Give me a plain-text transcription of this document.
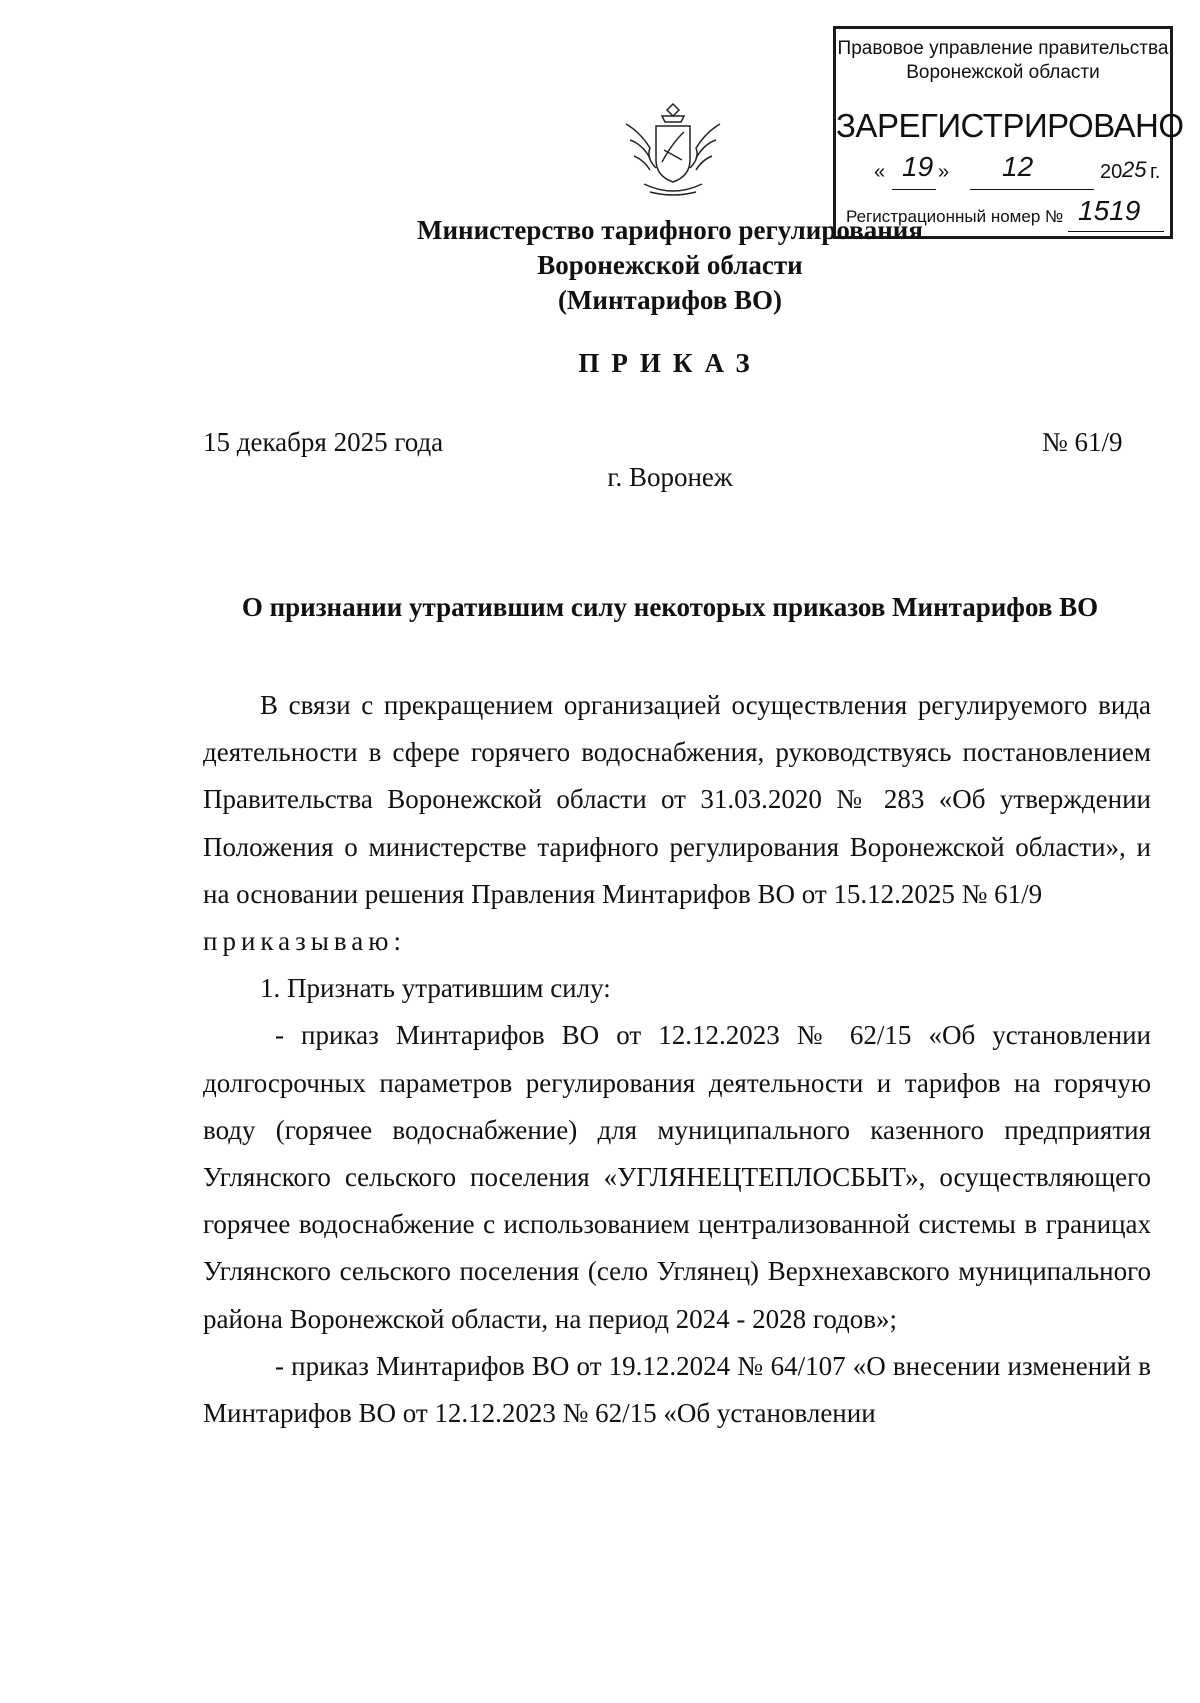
Правовое управление правительства
Воронежской области
ЗАРЕГИСТРИРОВАНО
« 19 » 12	20 25 г.
Регистрационный номер № 1519
Министерство тарифного регулирования
Воронежской области
(Минтарифов ВО)
ПРИКАЗ
15 декабря 2025 года	№ 61/9
г. Воронеж
О признании утратившим силу некоторых приказов Минтарифов ВО

В связи с прекращением организацией осуществления регулируемого вида деятельности в сфере горячего водоснабжения, руководствуясь постановлением Правительства Воронежской области от 31.03.2020 № 283 «Об утверждении Положения о министерстве тарифного регулирования Воронежской области», и на основании решения Правления Минтарифов ВО от 15.12.2025 № 61/9

приказываю:

1. Признать утратившим силу:

- приказ Минтарифов ВО от 12.12.2023 № 62/15 «Об установлении долгосрочных параметров регулирования деятельности и тарифов на горячую воду (горячее водоснабжение) для муниципального казенного предприятия Углянского сельского поселения «УГЛЯНЕЦТЕПЛОСБЫТ», осуществляющего горячее водоснабжение с использованием централизованной системы в границах Углянского сельского поселения (село Углянец) Верхнехавского муниципального района Воронежской области, на период 2024 - 2028 годов»;

- приказ Минтарифов ВО от 19.12.2024 № 64/107 «О внесении изменений в Минтарифов ВО от 12.12.2023 № 62/15 «Об установлении
